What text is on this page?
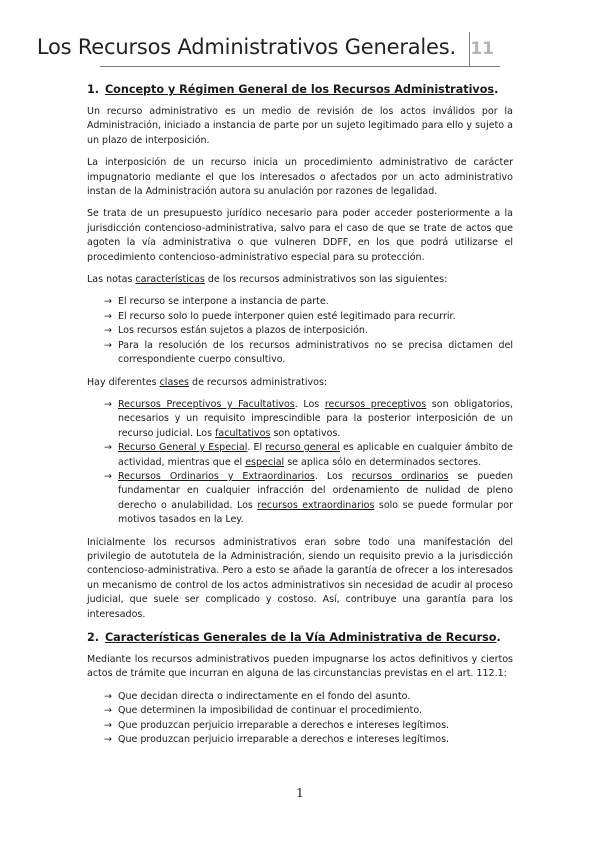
Los Recursos Administrativos Generales. 11
1. Concepto y Régimen General de los Recursos Administrativos.

Un recurso administrativo es un medio de revisión de los actos inválidos por la Administración, iniciado a instancia de parte por un sujeto legitimado para ello y sujeto a un plazo de interposición.

La interposición de un recurso inicia un procedimiento administrativo de carácter impugnatorio mediante el que los interesados o afectados por un acto administrativo instan de la Administración autora su anulación por razones de legalidad.

Se trata de un presupuesto jurídico necesario para poder acceder posteriormente a la jurisdicción contencioso-administrativa, salvo para el caso de que se trate de actos que agoten la vía administrativa o que vulneren DDFF, en los que podrá utilizarse el procedimiento contencioso-administrativo especial para su protección.

Las notas características de los recursos administrativos son las siguientes:

→ El recurso se interpone a instancia de parte.
→ El recurso solo lo puede interponer quien esté legitimado para recurrir.
→ Los recursos están sujetos a plazos de interposición.
→ Para la resolución de los recursos administrativos no se precisa dictamen del correspondiente cuerpo consultivo.

Hay diferentes clases de recursos administrativos:

→ Recursos Preceptivos y Facultativos. Los recursos preceptivos son obligatorios, necesarios y un requisito imprescindible para la posterior interposición de un recurso judicial. Los facultativos son optativos.
→ Recurso General y Especial. El recurso general es aplicable en cualquier ámbito de actividad, mientras que el especial se aplica sólo en determinados sectores.
→ Recursos Ordinarios y Extraordinarios. Los recursos ordinarios se pueden fundamentar en cualquier infracción del ordenamiento de nulidad de pleno derecho o anulabilidad. Los recursos extraordinarios solo se puede formular por motivos tasados en la Ley.

Inicialmente los recursos administrativos eran sobre todo una manifestación del privilegio de autotutela de la Administración, siendo un requisito previo a la jurisdicción contencioso-administrativa. Pero a esto se añade la garantía de ofrecer a los interesados un mecanismo de control de los actos administrativos sin necesidad de acudir al proceso judicial, que suele ser complicado y costoso. Así, contribuye una garantía para los interesados.

2. Características Generales de la Vía Administrativa de Recurso.

Mediante los recursos administrativos pueden impugnarse los actos definitivos y ciertos actos de trámite que incurran en alguna de las circunstancias previstas en el art. 112.1:

→ Que decidan directa o indirectamente en el fondo del asunto.
→ Que determinen la imposibilidad de continuar el procedimiento.
→ Que produzcan perjuicio irreparable a derechos e intereses legítimos.
→ Que produzcan perjuicio irreparable a derechos e intereses legítimos.
1
